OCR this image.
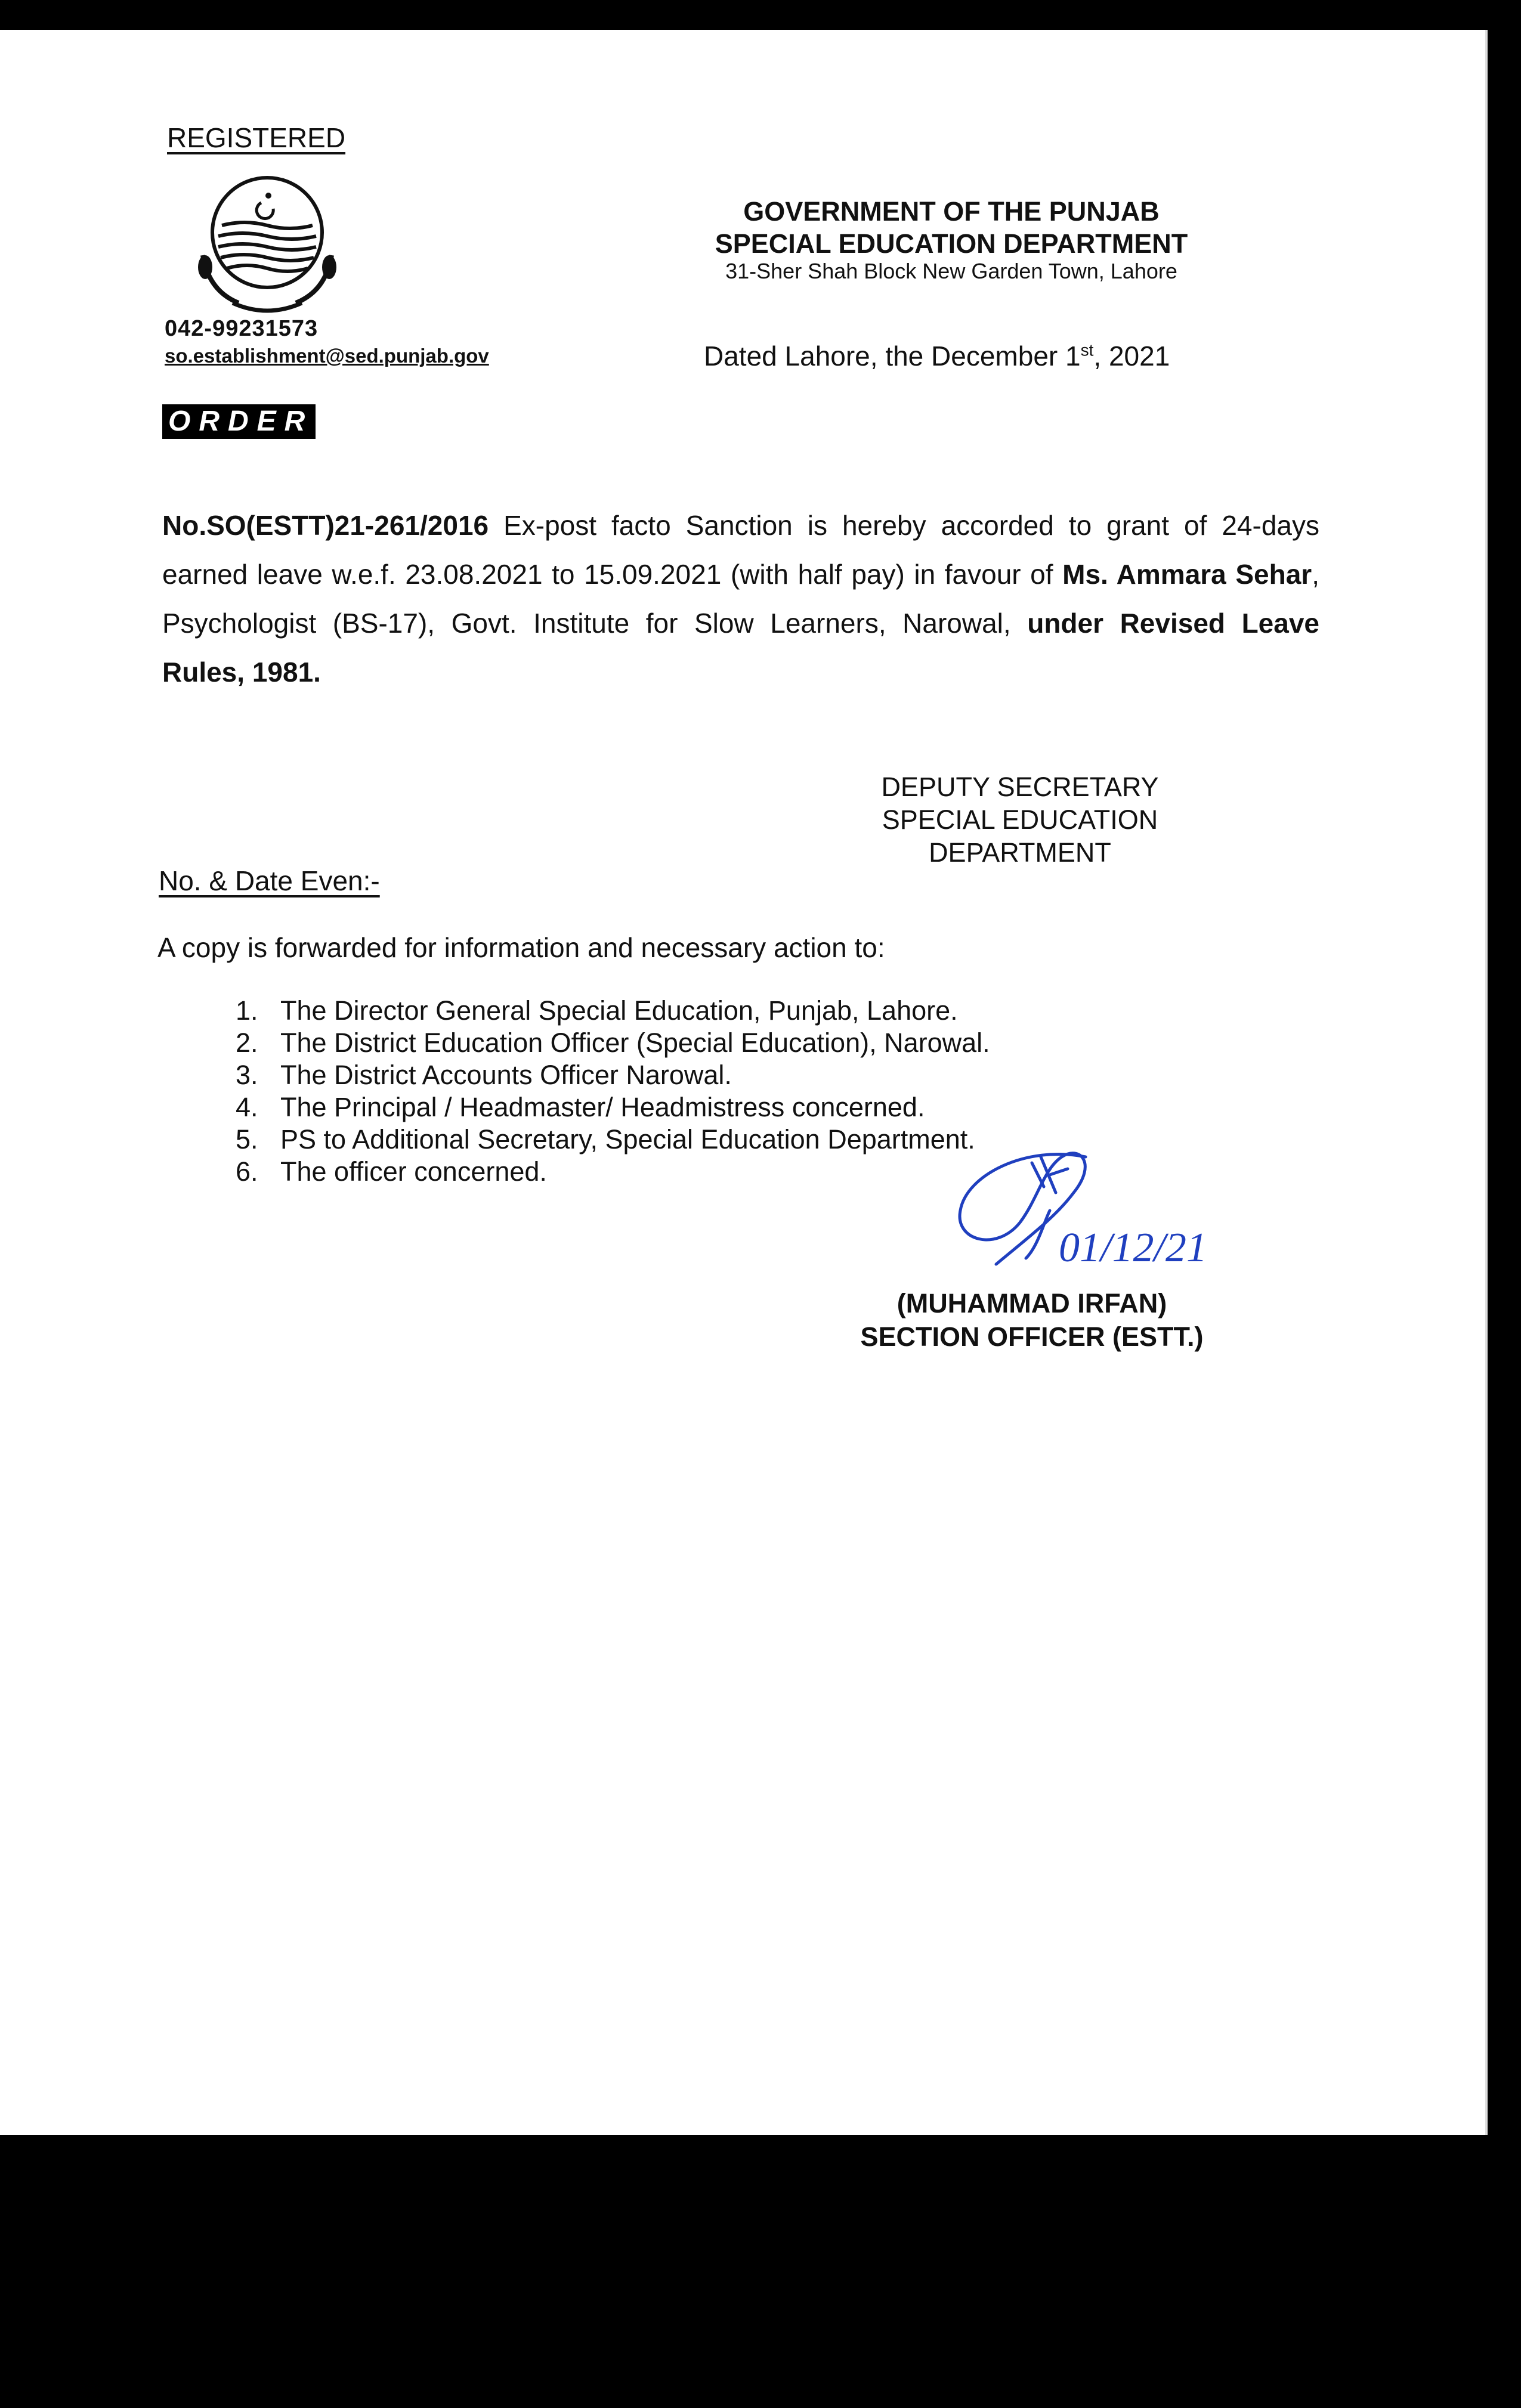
REGISTERED

042-99231573

so.establishment@sed.punjab.gov

GOVERNMENT OF THE PUNJAB
SPECIAL EDUCATION DEPARTMENT

31-Sher Shah Block New Garden Town, Lahore

Dated Lahore, the December 1st, 2021

ORDER

No.SO(ESTT)21-261/2016 Ex-post facto Sanction is hereby accorded to grant of 24-days earned leave w.e.f. 23.08.2021 to 15.09.2021 (with half pay) in favour of Ms. Ammara Sehar, Psychologist (BS-17), Govt. Institute for Slow Learners, Narowal, under Revised Leave Rules, 1981.

DEPUTY SECRETARY
SPECIAL EDUCATION
DEPARTMENT

No. & Date Even:-

A copy is forwarded for information and necessary action to:

1. The Director General Special Education, Punjab, Lahore.
2. The District Education Officer (Special Education), Narowal.
3. The District Accounts Officer Narowal.
4. The Principal / Headmaster/ Headmistress concerned.
5. PS to Additional Secretary, Special Education Department.
6. The officer concerned.
01/12/21
(MUHAMMAD IRFAN)
SECTION OFFICER (ESTT.)
